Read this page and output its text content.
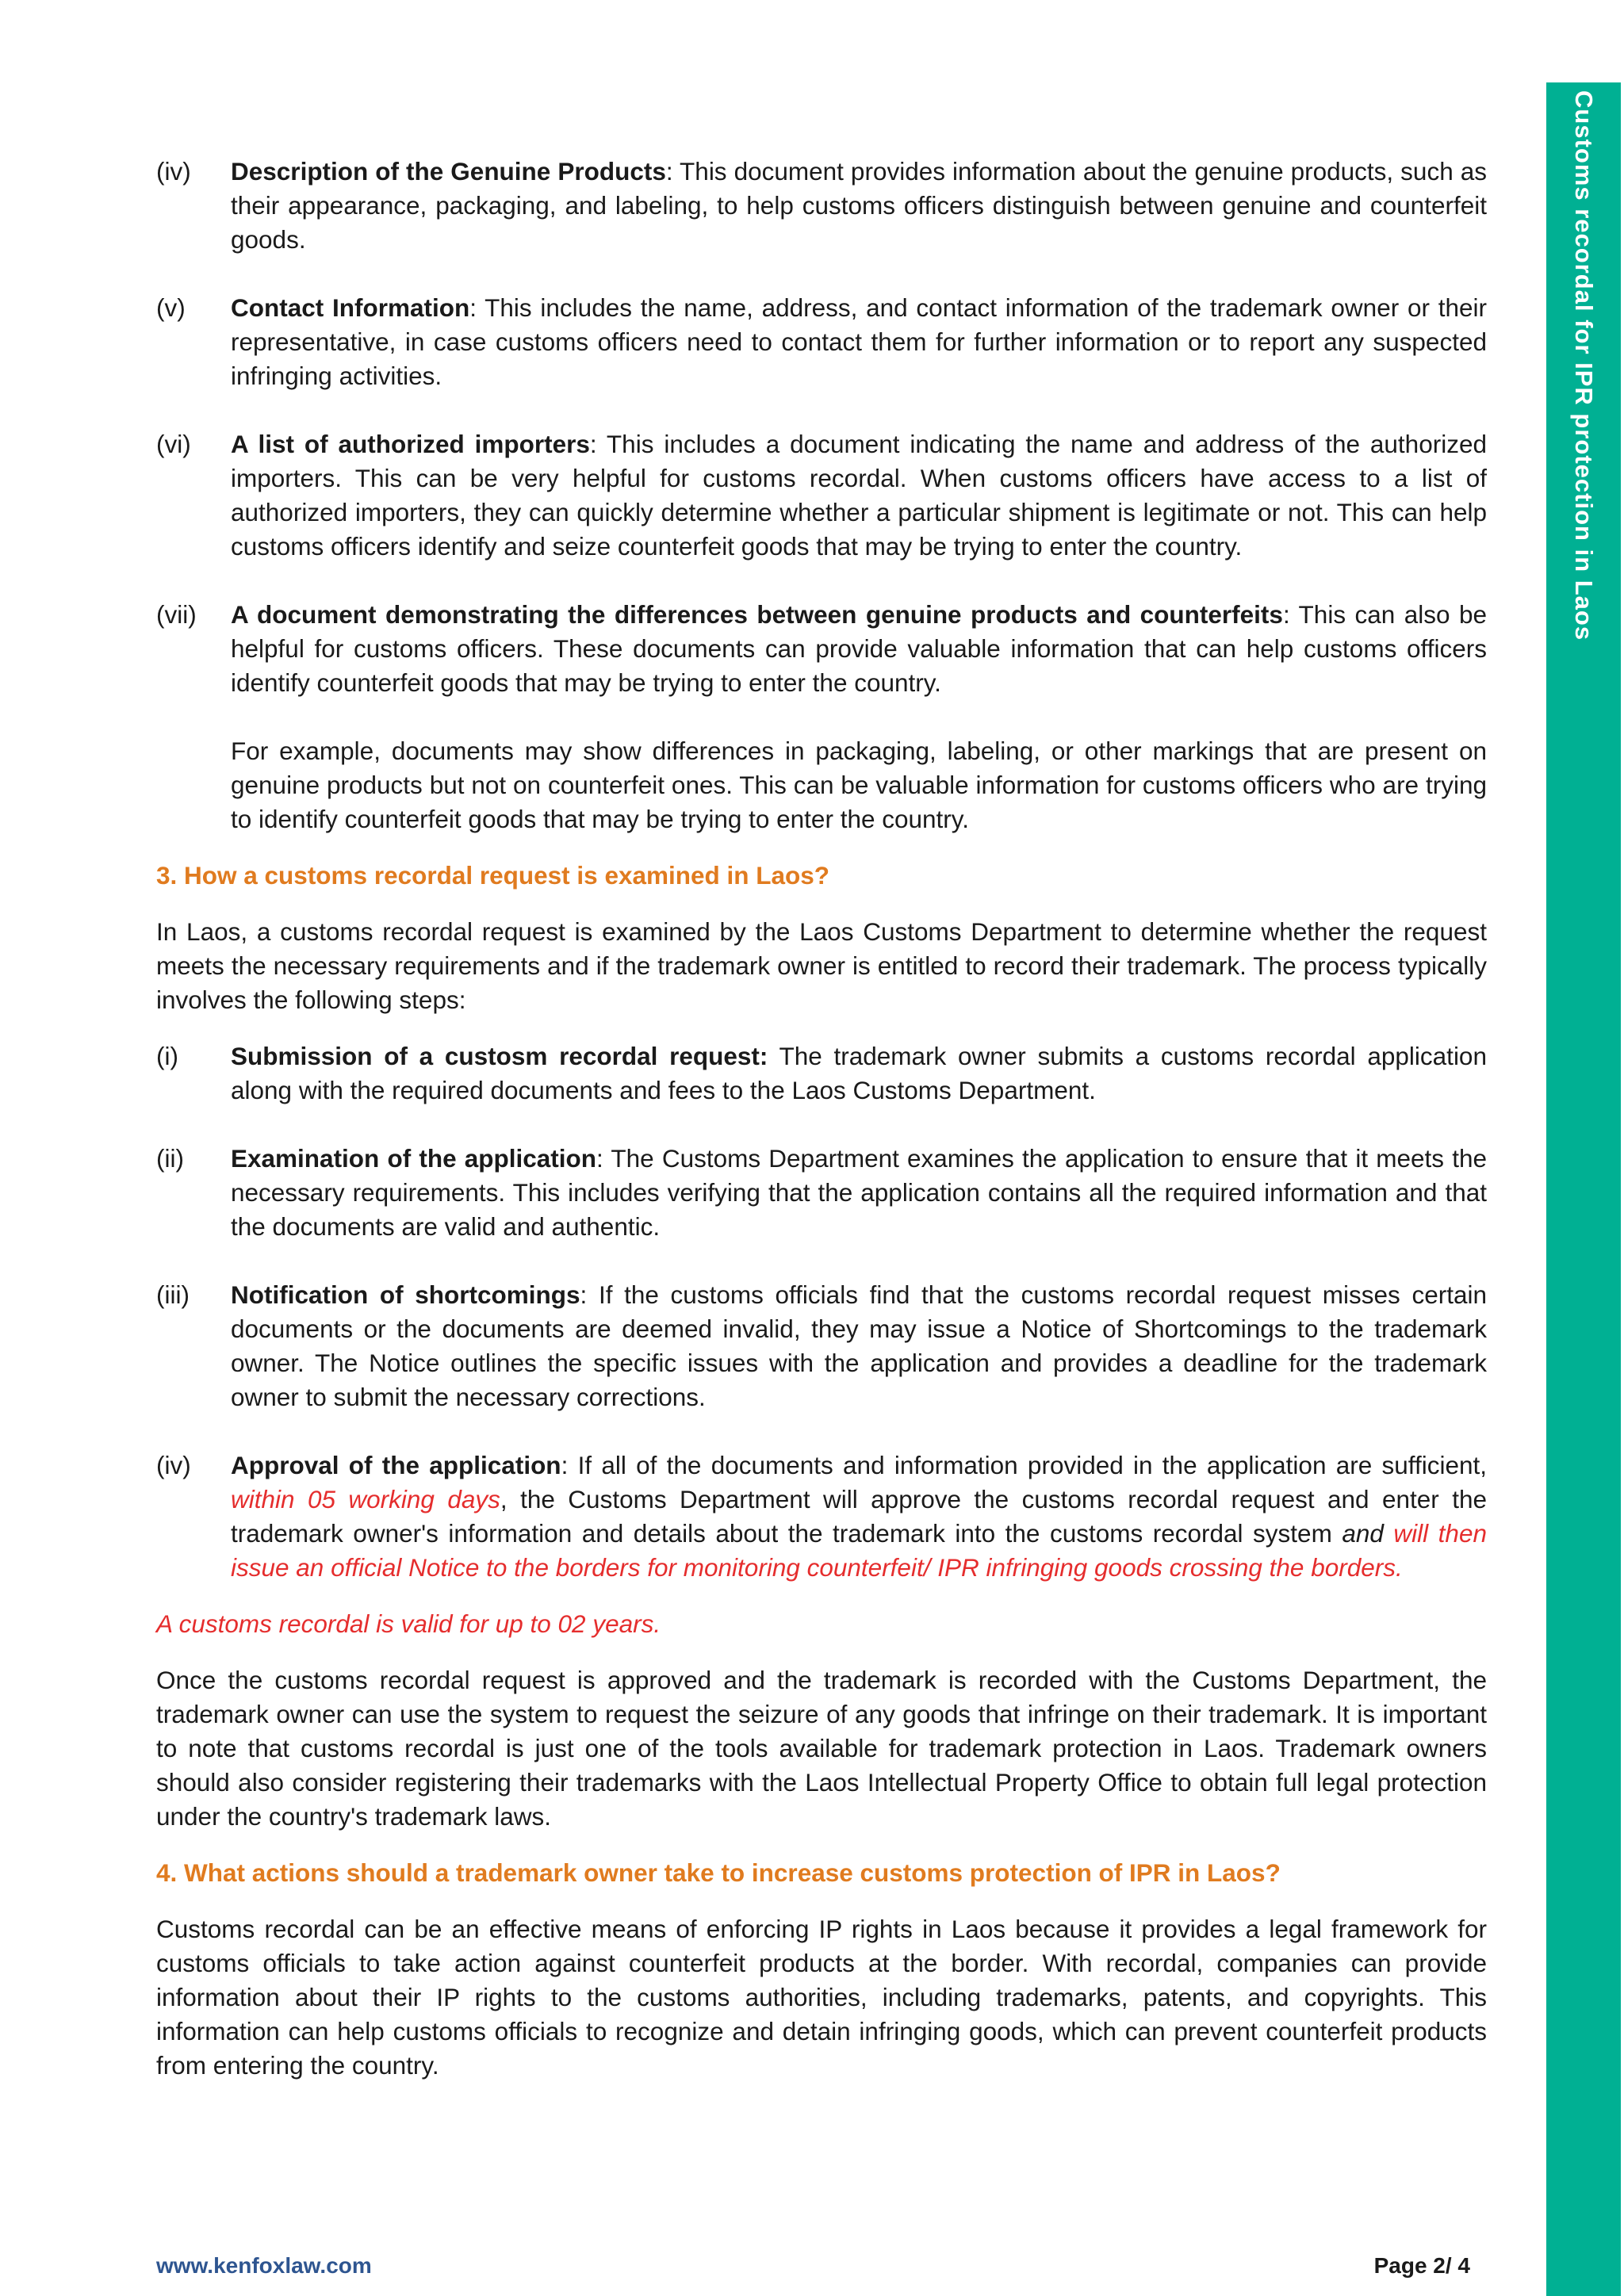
Customs recordal for IPR protection in Laos
(iv)	Description of the Genuine Products: This document provides information about the genuine products, such as their appearance, packaging, and labeling, to help customs officers distinguish between genuine and counterfeit goods.
(v)	Contact Information: This includes the name, address, and contact information of the trademark owner or their representative, in case customs officers need to contact them for further information or to report any suspected infringing activities.
(vi)	A list of authorized importers: This includes a document indicating the name and address of the authorized importers. This can be very helpful for customs recordal. When customs officers have access to a list of authorized importers, they can quickly determine whether a particular shipment is legitimate or not. This can help customs officers identify and seize counterfeit goods that may be trying to enter the country.
(vii)	A document demonstrating the differences between genuine products and counterfeits: This can also be helpful for customs officers. These documents can provide valuable information that can help customs officers identify counterfeit goods that may be trying to enter the country.
For example, documents may show differences in packaging, labeling, or other markings that are present on genuine products but not on counterfeit ones. This can be valuable information for customs officers who are trying to identify counterfeit goods that may be trying to enter the country.
3. How a customs recordal request is examined in Laos?
In Laos, a customs recordal request is examined by the Laos Customs Department to determine whether the request meets the necessary requirements and if the trademark owner is entitled to record their trademark. The process typically involves the following steps:
(i)	Submission of a custosm recordal request: The trademark owner submits a customs recordal application along with the required documents and fees to the Laos Customs Department.
(ii)	Examination of the application: The Customs Department examines the application to ensure that it meets the necessary requirements. This includes verifying that the application contains all the required information and that the documents are valid and authentic.
(iii)	Notification of shortcomings: If the customs officials find that the customs recordal request misses certain documents or the documents are deemed invalid, they may issue a Notice of Shortcomings to the trademark owner. The Notice outlines the specific issues with the application and provides a deadline for the trademark owner to submit the necessary corrections.
(iv)	Approval of the application: If all of the documents and information provided in the application are sufficient, within 05 working days, the Customs Department will approve the customs recordal request and enter the trademark owner's information and details about the trademark into the customs recordal system and will then issue an official Notice to the borders for monitoring counterfeit/ IPR infringing goods crossing the borders.
A customs recordal is valid for up to 02 years.
Once the customs recordal request is approved and the trademark is recorded with the Customs Department, the trademark owner can use the system to request the seizure of any goods that infringe on their trademark. It is important to note that customs recordal is just one of the tools available for trademark protection in Laos. Trademark owners should also consider registering their trademarks with the Laos Intellectual Property Office to obtain full legal protection under the country's trademark laws.
4. What actions should a trademark owner take to increase customs protection of IPR in Laos?
Customs recordal can be an effective means of enforcing IP rights in Laos because it provides a legal framework for customs officials to take action against counterfeit products at the border. With recordal, companies can provide information about their IP rights to the customs authorities, including trademarks, patents, and copyrights. This information can help customs officials to recognize and detain infringing goods, which can prevent counterfeit products from entering the country.
www.kenfoxlaw.com	Page 2/ 4
